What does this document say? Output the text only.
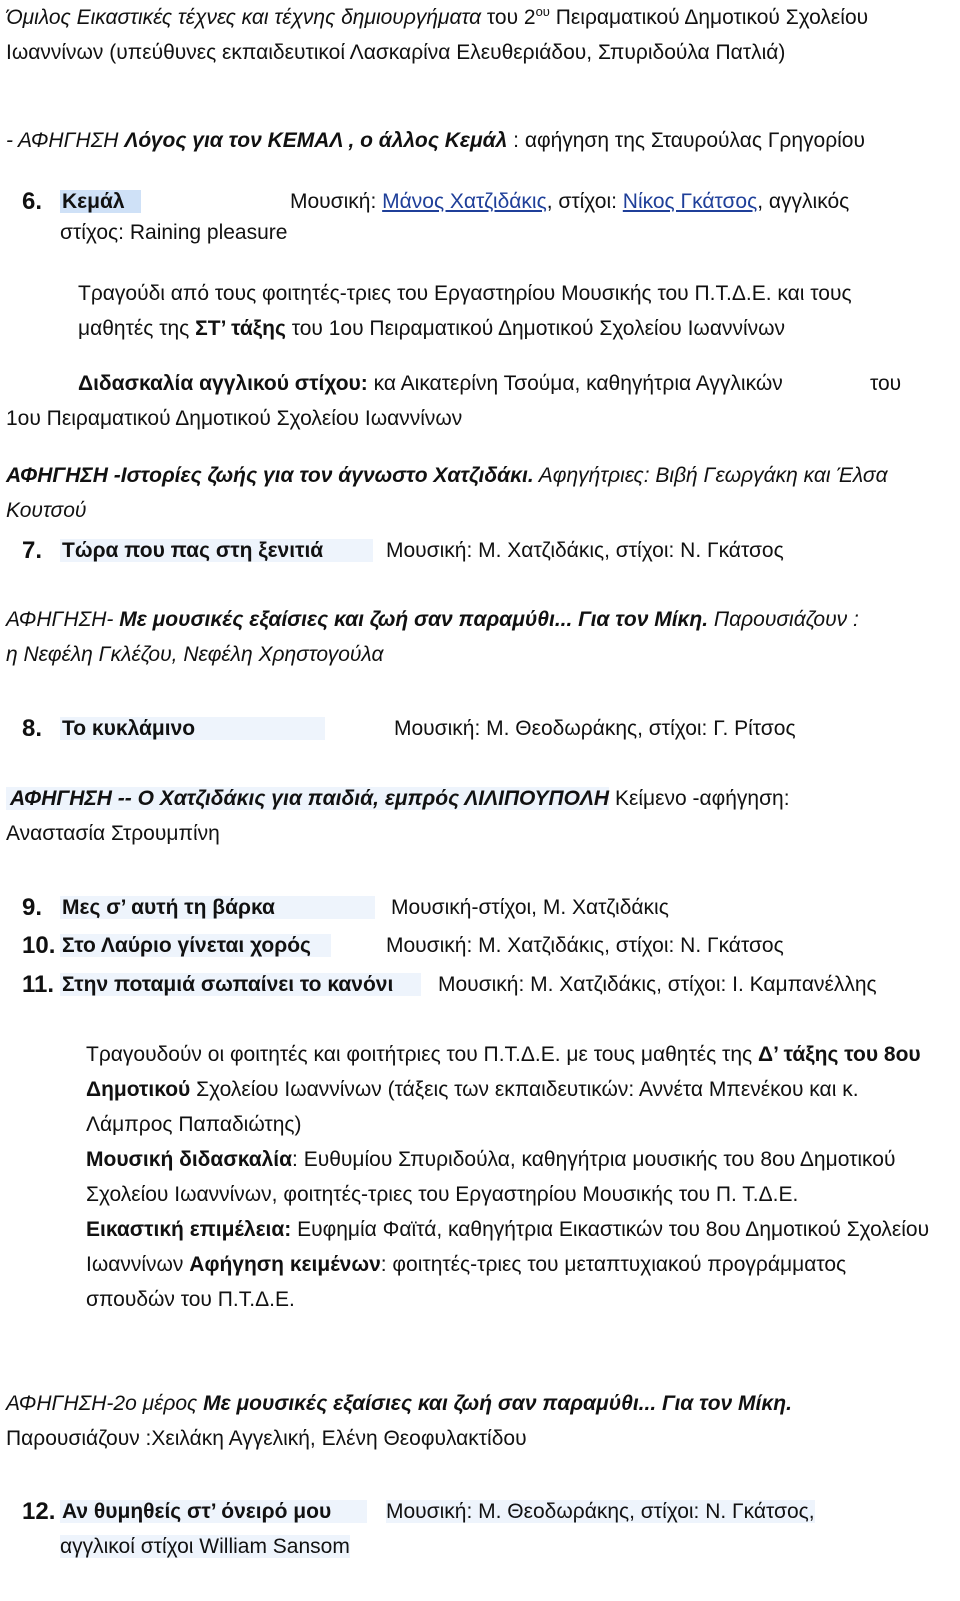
Όμιλος Εικαστικές τέχνες και τέχνης δημιουργήματα του $2^{o\upsilon}$ Πειραματικού Δημοτικού Σχολείου Ιωαννίνων (υπεύθυνες εκπαιδευτικοί Λασκαρίνα Ελευθεριάδου, Σπυριδούλα Πατλιά)
- ΑΦΗΓΗΣΗ Λόγος για τον ΚΕΜΑΛ , ο άλλος Κεμάλ : αφήγηση της Σταυρούλας Γρηγορίου
6. Κεμάλ	Μουσική: Μάνος Χατζιδάκις, στίχοι: Νίκος Γκάτσος, αγγλικός
στίχος: Raining pleasure
Τραγούδι από τους φοιτητές-τριες του Εργαστηρίου Μουσικής του Π.Τ.Δ.Ε. και τους μαθητές της ΣΤ’ τάξης του 1ου Πειραματικού Δημοτικού Σχολείου Ιωαννίνων
Διδασκαλία αγγλικού στίχου: κα Αικατερίνη Τσούμα, καθηγήτρια Αγγλικών	του
1ου Πειραματικού Δημοτικού Σχολείου Ιωαννίνων
ΑΦΗΓΗΣΗ -Ιστορίες ζωής για τον άγνωστο Χατζιδάκι. Αφηγήτριες: Βιβή Γεωργάκη και Έλσα
Κουτσού
7. Τώρα που πας στη ξενιτιά	Μουσική: Μ. Χατζιδάκις, στίχοι: Ν. Γκάτσος
ΑΦΗΓΗΣΗ- Με μουσικές εξαίσιες και ζωή σαν παραμύθι... Για τον Μίκη. Παρουσιάζουν :
η Νεφέλη Γκλέζου, Νεφέλη Χρηστογούλα
8. Το κυκλάμινο	Μουσική: Μ. Θεοδωράκης, στίχοι: Γ. Ρίτσος
ΑΦΗΓΗΣΗ -- Ο Χατζιδάκις για παιδιά, εμπρός ΛΙΛΙΠΟΥΠΟΛΗ Κείμενο -αφήγηση:
Αναστασία Στρουμπίνη
9. Μες σ’ αυτή τη βάρκα	Μουσική-στίχοι, Μ. Χατζιδάκις
10. Στο Λαύριο γίνεται χορός	Μουσική: Μ. Χατζιδάκις, στίχοι: Ν. Γκάτσος
11. Στην ποταμιά σωπαίνει το κανόνι	Μουσική: Μ. Χατζιδάκις, στίχοι: Ι. Καμπανέλλης
Τραγουδούν οι φοιτητές και φοιτήτριες του Π.Τ.Δ.Ε. με τους μαθητές της Δ’ τάξης του 8ου Δημοτικού Σχολείου Ιωαννίνων (τάξεις των εκπαιδευτικών: Αννέτα Μπενέκου και κ. Λάμπρος Παπαδιώτης)
Μουσική διδασκαλία: Ευθυμίου Σπυριδούλα, καθηγήτρια μουσικής του 8ου Δημοτικού Σχολείου Ιωαννίνων, φοιτητές-τριες του Εργαστηρίου Μουσικής του Π. Τ.Δ.Ε.
Εικαστική επιμέλεια: Ευφημία Φαϊτά, καθηγήτρια Εικαστικών του 8ου Δημοτικού Σχολείου Ιωαννίνων Αφήγηση κειμένων: φοιτητές-τριες του μεταπτυχιακού προγράμματος σπουδών του Π.Τ.Δ.Ε.
ΑΦΗΓΗΣΗ-2ο μέρος Με μουσικές εξαίσιες και ζωή σαν παραμύθι... Για τον Μίκη.
Παρουσιάζουν :Χειλάκη Αγγελική, Ελένη Θεοφυλακτίδου
12. Αν θυμηθείς στ’ όνειρό μου	Μουσική: Μ. Θεοδωράκης, στίχοι: Ν. Γκάτσος,
αγγλικοί στίχοι William Sansom
